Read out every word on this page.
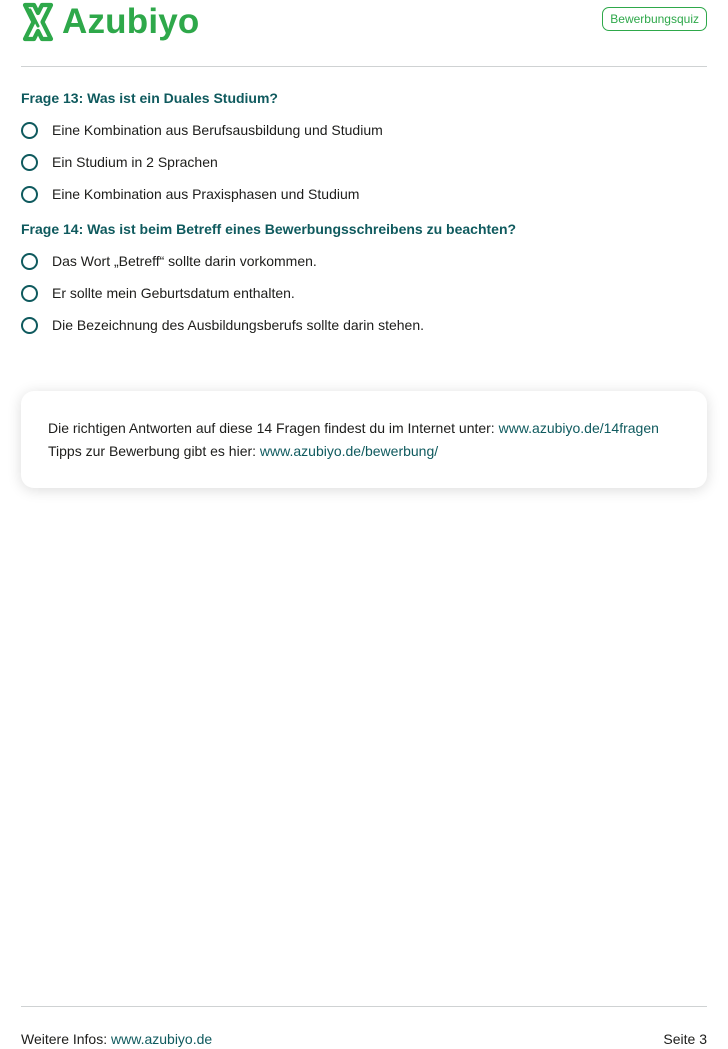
Azubiyo	Bewerbungsquiz
Frage 13: Was ist ein Duales Studium?
Eine Kombination aus Berufsausbildung und Studium
Ein Studium in 2 Sprachen
Eine Kombination aus Praxisphasen und Studium
Frage 14: Was ist beim Betreff eines Bewerbungsschreibens zu beachten?
Das Wort „Betreff“ sollte darin vorkommen.
Er sollte mein Geburtsdatum enthalten.
Die Bezeichnung des Ausbildungsberufs sollte darin stehen.
Die richtigen Antworten auf diese 14 Fragen findest du im Internet unter: www.azubiyo.de/14fragen
Tipps zur Bewerbung gibt es hier: www.azubiyo.de/bewerbung/
Weitere Infos: www.azubiyo.de	Seite 3
